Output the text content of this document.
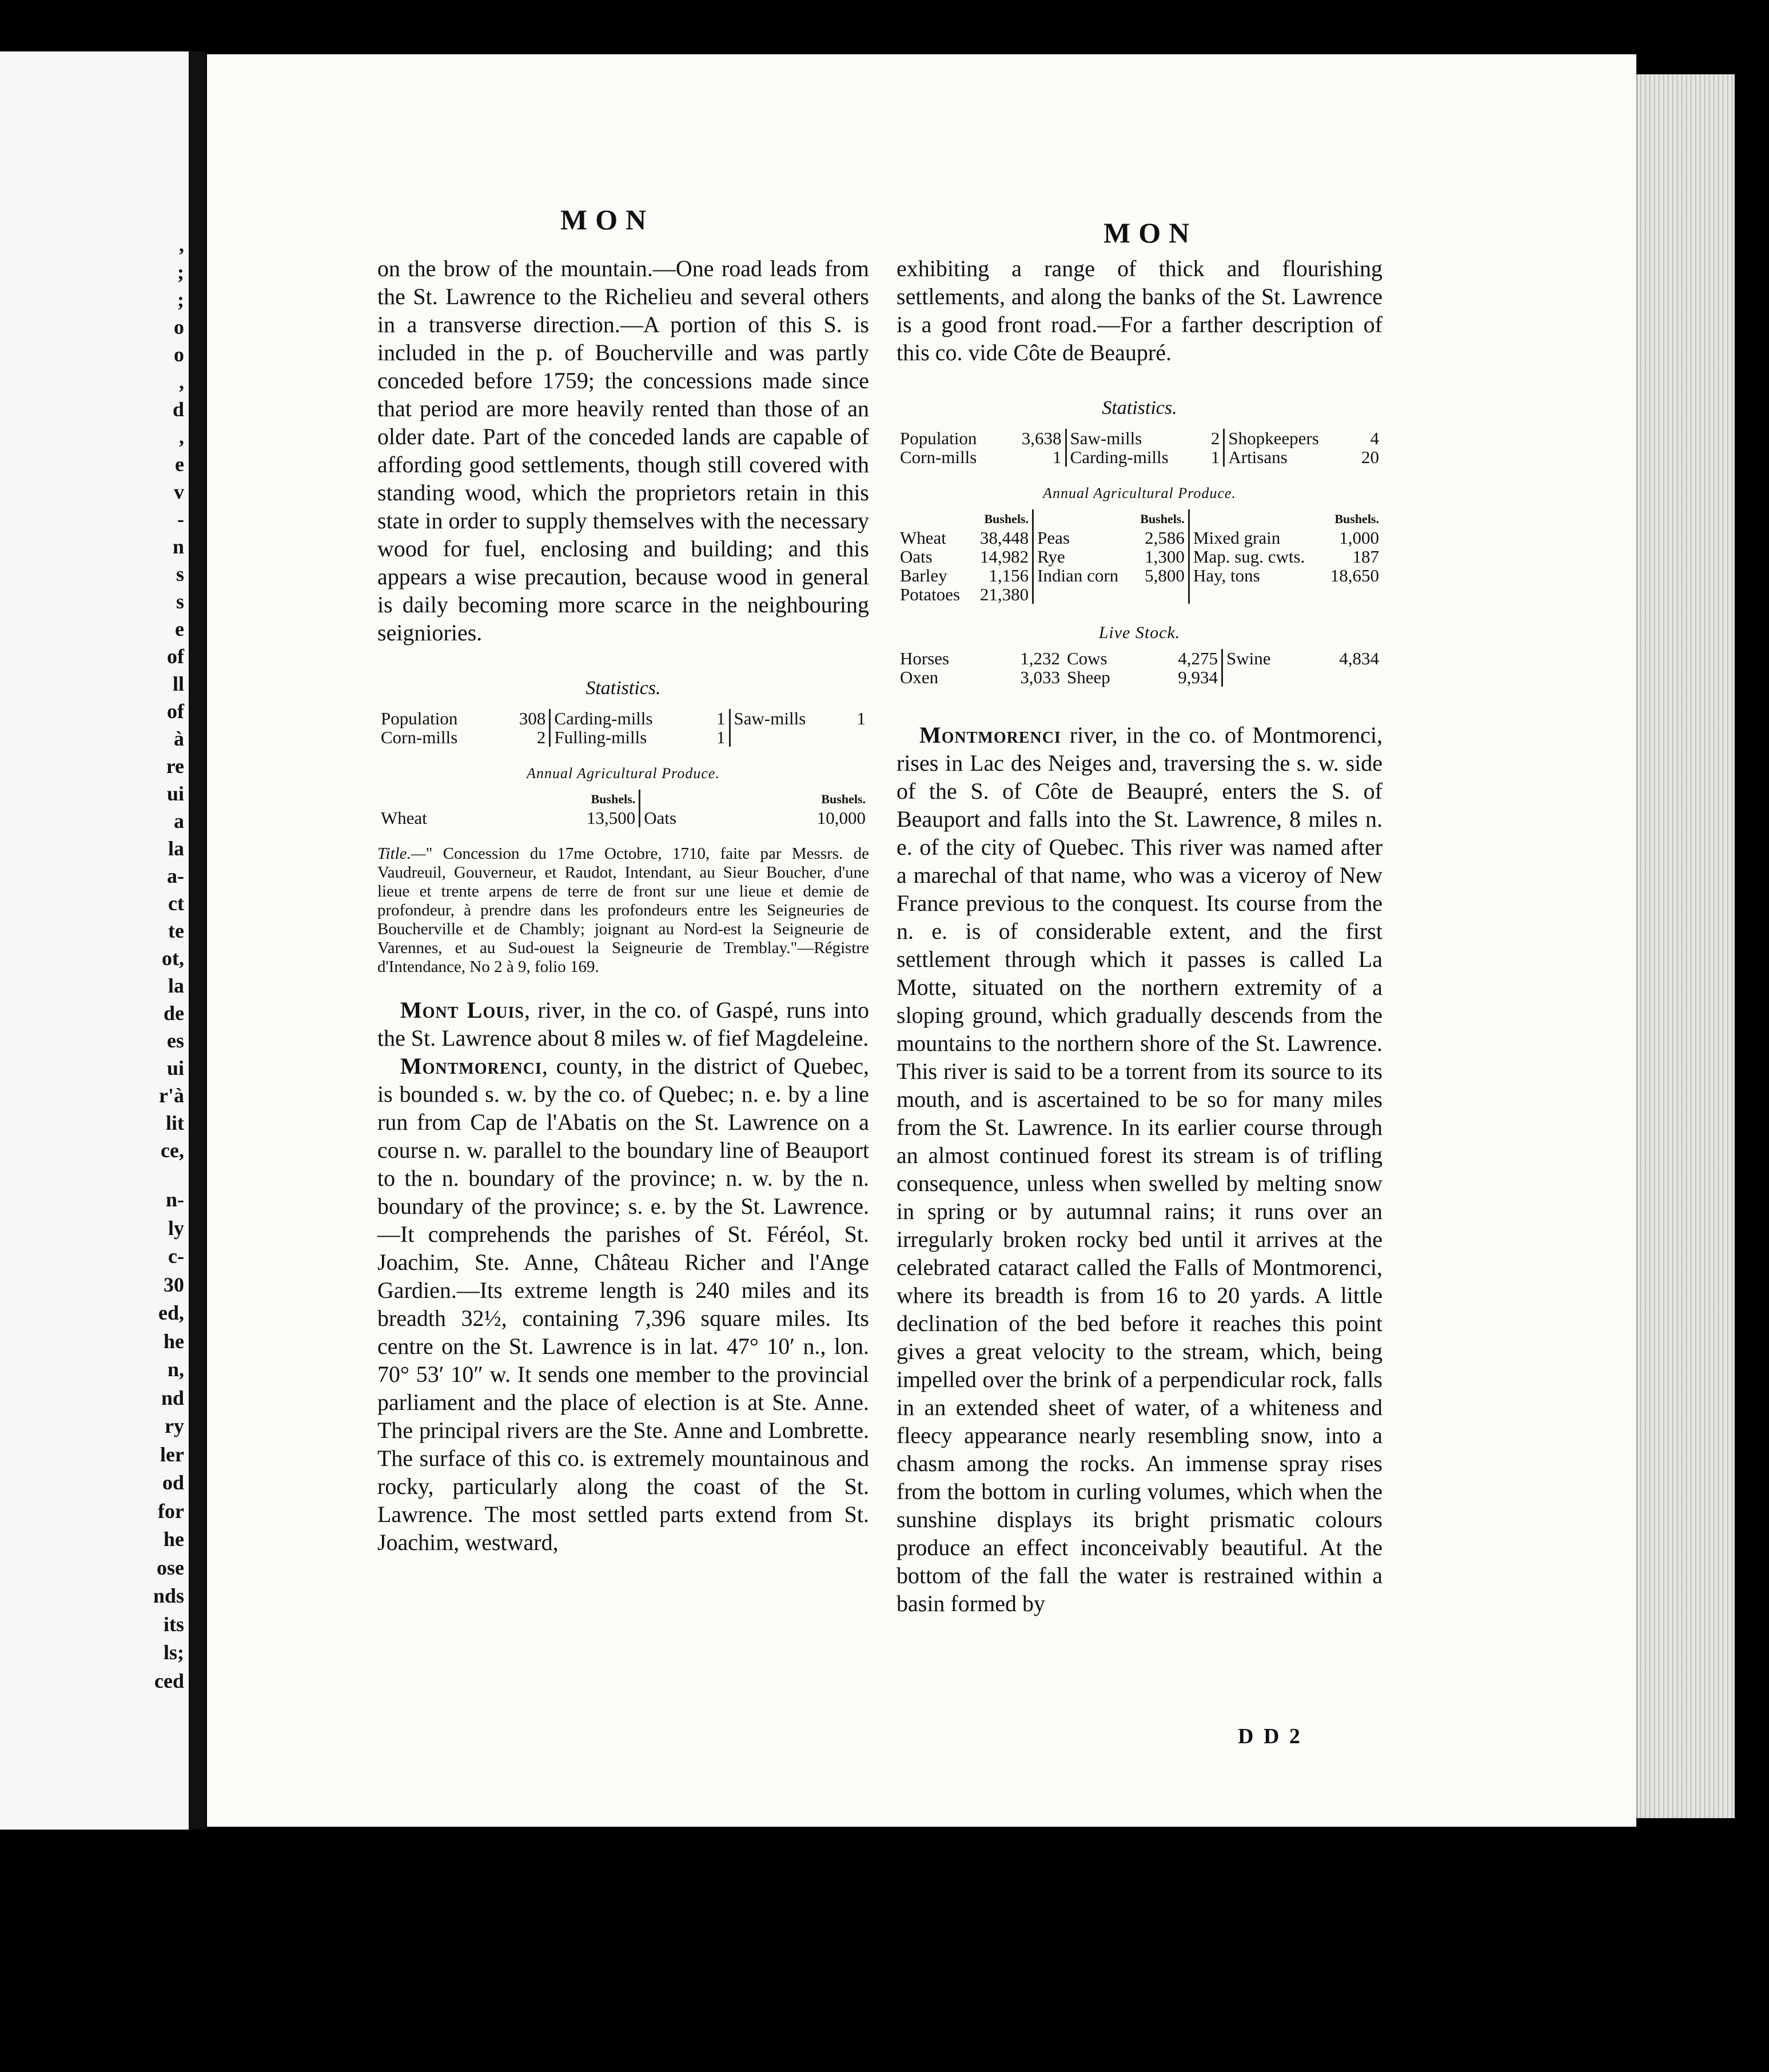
,
;
;
o
o
,
d
,
e
v
-
n
s
s
e
of
ll
of
à
re
ui
a
la
a-
ct
te
ot,
la
de
es
ui
r'à
lit
ce,
n-
ly
c-
30
ed,
he
n,
nd
ry
ler
od
for
he
ose
nds
its
ls;
ced
MON	MON

on the brow of the mountain.—One road leads from the St. Lawrence to the Richelieu and several others in a transverse direction.—A portion of this S. is included in the p. of Boucherville and was partly conceded before 1759; the concessions made since that period are more heavily rented than those of an older date. Part of the conceded lands are capable of affording good settlements, though still covered with standing wood, which the proprietors retain in this state in order to supply themselves with the necessary wood for fuel, enclosing and building; and this appears a wise precaution, because wood in general is daily becoming more scarce in the neighbouring seigniories.

Statistics.
Population	308	Carding-mills	1	Saw-mills	1
Corn-mills	2	Fulling-mills	1		
Annual Agricultural Produce.
	Bushels.		Bushels.
Wheat	13,500	Oats	10,000
Title.—" Concession du 17me Octobre, 1710, faite par Messrs. de Vaudreuil, Gouverneur, et Raudot, Intendant, au Sieur Boucher, d'une lieue et trente arpens de terre de front sur une lieue et demie de profondeur, à prendre dans les profondeurs entre les Seigneuries de Boucherville et de Chambly; joignant au Nord-est la Seigneurie de Varennes, et au Sud-ouest la Seigneurie de Tremblay."—Régistre d'Intendance, No 2 à 9, folio 169.

Mont Louis, river, in the co. of Gaspé, runs into the St. Lawrence about 8 miles w. of fief Magdeleine.

Montmorenci, county, in the district of Quebec, is bounded s. w. by the co. of Quebec; n. e. by a line run from Cap de l'Abatis on the St. Lawrence on a course n. w. parallel to the boundary line of Beauport to the n. boundary of the province; n. w. by the n. boundary of the province; s. e. by the St. Lawrence.—It comprehends the parishes of St. Féréol, St. Joachim, Ste. Anne, Château Richer and l'Ange Gardien.—Its extreme length is 240 miles and its breadth 32½, containing 7,396 square miles. Its centre on the St. Lawrence is in lat. 47° 10′ n., lon. 70° 53′ 10″ w. It sends one member to the provincial parliament and the place of election is at Ste. Anne. The principal rivers are the Ste. Anne and Lombrette. The surface of this co. is extremely mountainous and rocky, particularly along the coast of the St. Lawrence. The most settled parts extend from St. Joachim, westward,

exhibiting a range of thick and flourishing settlements, and along the banks of the St. Lawrence is a good front road.—For a farther description of this co. vide Côte de Beaupré.

Statistics.
Population	3,638	Saw-mills	2	Shopkeepers	4
Corn-mills	1	Carding-mills	1	Artisans	20
Annual Agricultural Produce.
	Bushels.		Bushels.		Bushels.
Wheat	38,448	Peas	2,586	Mixed grain	1,000
Oats	14,982	Rye	1,300	Map. sug. cwts.	187
Barley	1,156	Indian corn	5,800	Hay, tons	18,650
Potatoes	21,380				
Live Stock.
Horses	1,232	Cows	4,275	Swine	4,834
Oxen	3,033	Sheep	9,934		

Montmorenci river, in the co. of Montmorenci, rises in Lac des Neiges and, traversing the s. w. side of the S. of Côte de Beaupré, enters the S. of Beauport and falls into the St. Lawrence, 8 miles n. e. of the city of Quebec. This river was named after a marechal of that name, who was a viceroy of New France previous to the conquest. Its course from the n. e. is of considerable extent, and the first settlement through which it passes is called La Motte, situated on the northern extremity of a sloping ground, which gradually descends from the mountains to the northern shore of the St. Lawrence. This river is said to be a torrent from its source to its mouth, and is ascertained to be so for many miles from the St. Lawrence. In its earlier course through an almost continued forest its stream is of trifling consequence, unless when swelled by melting snow in spring or by autumnal rains; it runs over an irregularly broken rocky bed until it arrives at the celebrated cataract called the Falls of Montmorenci, where its breadth is from 16 to 20 yards. A little declination of the bed before it reaches this point gives a great velocity to the stream, which, being impelled over the brink of a perpendicular rock, falls in an extended sheet of water, of a whiteness and fleecy appearance nearly resembling snow, into a chasm among the rocks. An immense spray rises from the bottom in curling volumes, which when the sunshine displays its bright prismatic colours produce an effect inconceivably beautiful. At the bottom of the fall the water is restrained within a basin formed by

D D 2
